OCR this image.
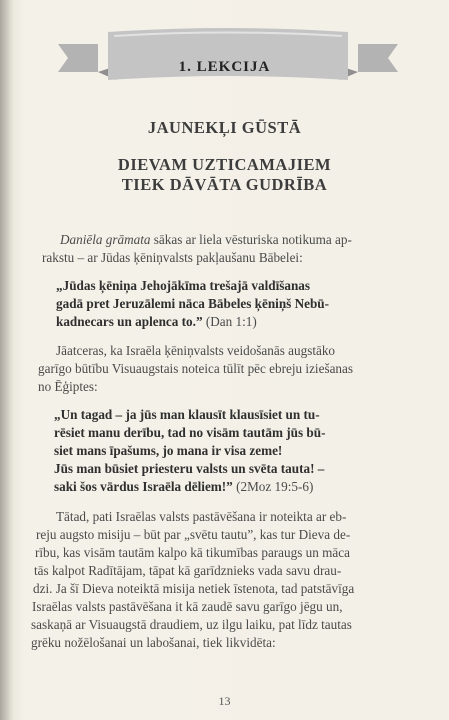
1. LEKCIJA
JAUNEKĻI GŪSTĀ
DIEVAM UZTICAMAJIEM
TIEK DĀVĀTA GUDRĪBA
Daniēla grāmata sākas ar liela vēsturiska notikuma ap-
rakstu – ar Jūdas ķēniņvalsts pakļaušanu Bābelei:
„Jūdas ķēniņa Jehojākīma trešajā valdīšanas
gadā pret Jeruzālemi nāca Bābeles ķēniņš Nebū-
kadnecars un aplenca to.” (Dan 1:1)
Jāatceras, ka Israēla ķēniņvalsts veidošanās augstāko
garīgo būtību Visuaugstais noteica tūlīt pēc ebreju iziešanas
no Ēģiptes:
„Un tagad – ja jūs man klausīt klausīsiet un tu-
rēsiet manu derību, tad no visām tautām jūs bū-
siet mans īpašums, jo mana ir visa zeme!
Jūs man būsiet priesteru valsts un svēta tauta! –
saki šos vārdus Israēla dēliem!” (2Moz 19:5-6)
Tātad, pati Israēlas valsts pastāvēšana ir noteikta ar eb-
reju augsto misiju – būt par „svētu tautu”, kas tur Dieva de-
rību, kas visām tautām kalpo kā tikumības paraugs un māca
tās kalpot Radītājam, tāpat kā garīdznieks vada savu drau-
dzi. Ja šī Dieva noteiktā misija netiek īstenota, tad patstāvīga
Israēlas valsts pastāvēšana it kā zaudē savu garīgo jēgu un,
saskaņā ar Visuaugstā draudiem, uz ilgu laiku, pat līdz tautas
grēku nožēlošanai un labošanai, tiek likvidēta:
13
